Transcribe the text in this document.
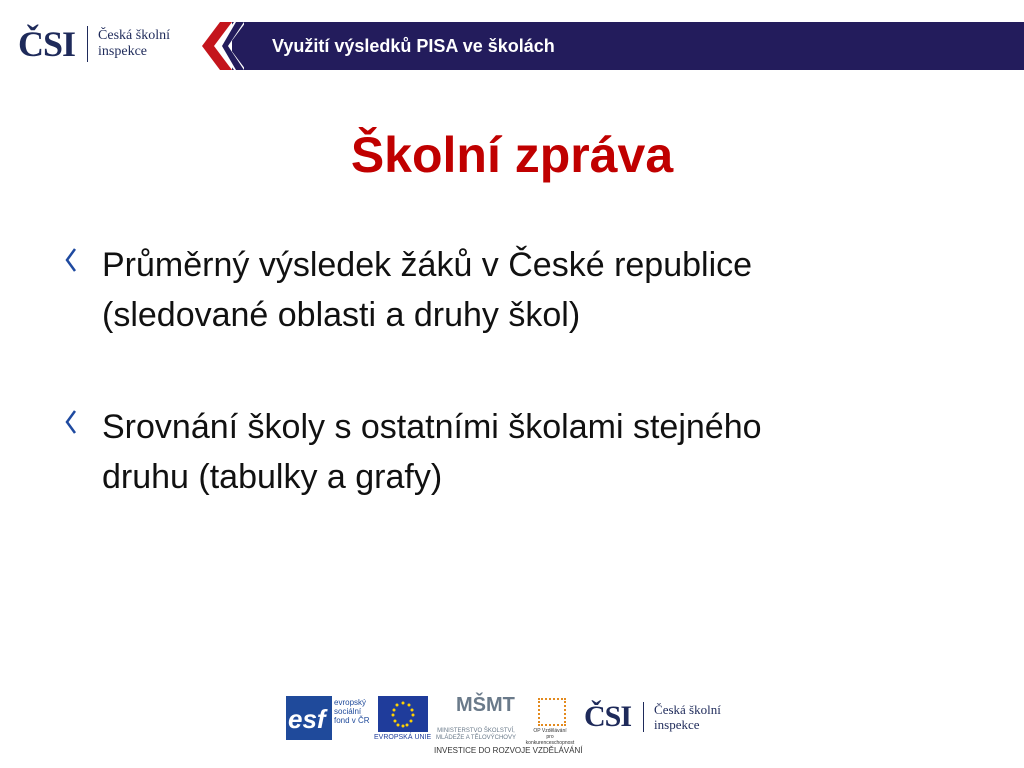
ČSI Česká školní
inspekce	Využití výsledků PISA ve školách
Školní zpráva
Průměrný výsledek žáků v České republice
(sledované oblasti a druhy škol)
Srovnání školy s ostatními školami stejného
druhu (tabulky a grafy)
esf
evropský
sociální
fond v ČR
EVROPSKÁ UNIE
MŠMT
MINISTERSTVO ŠKOLSTVÍ,
MLÁDEŽE A TĚLOVÝCHOVY
OP Vzdělávání
pro konkurenceschopnost
ČSI Česká školní
inspekce
INVESTICE DO ROZVOJE VZDĚLÁVÁNÍ
